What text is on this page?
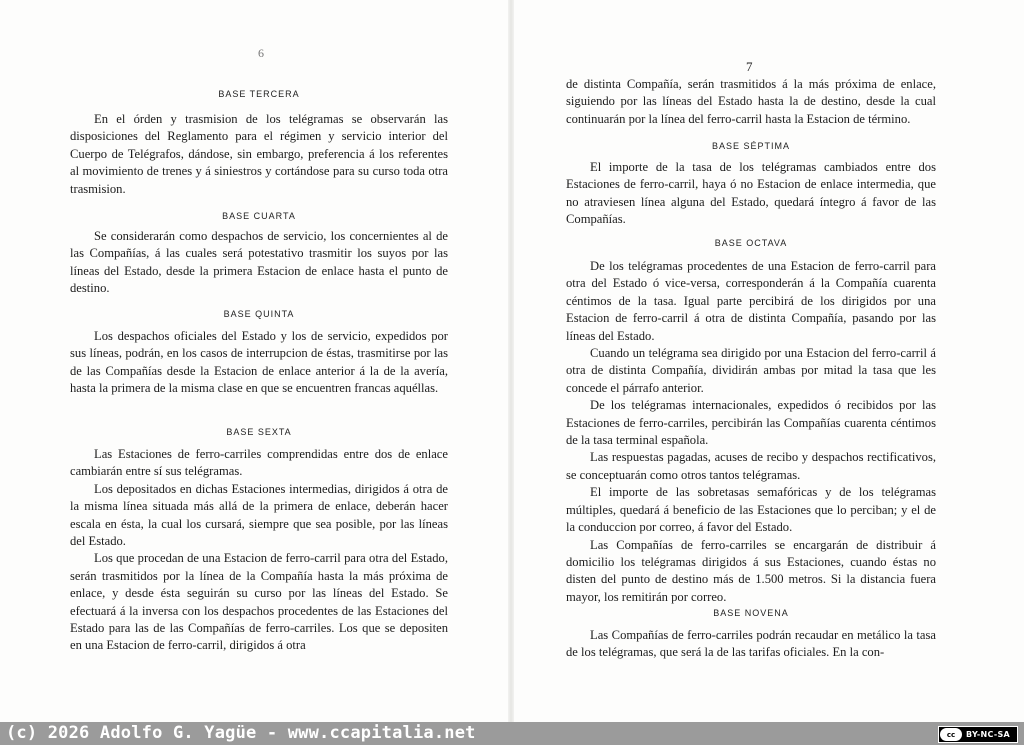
6

BASE TERCERA

En el órden y trasmision de los telégramas se observarán las disposiciones del Reglamento para el régimen y servicio interior del Cuerpo de Telégrafos, dándose, sin embargo, preferencia á los referentes al movimiento de trenes y á siniestros y cortándose para su curso toda otra trasmision.

BASE CUARTA

Se considerarán como despachos de servicio, los concernientes al de las Compañías, á las cuales será potestativo trasmitir los suyos por las líneas del Estado, desde la primera Estacion de enlace hasta el punto de destino.

BASE QUINTA

Los despachos oficiales del Estado y los de servicio, expedidos por sus líneas, podrán, en los casos de interrupcion de éstas, trasmitirse por las de las Compañías desde la Estacion de enlace anterior á la de la avería, hasta la primera de la misma clase en que se encuentren francas aquéllas.

BASE SEXTA

Las Estaciones de ferro-carriles comprendidas entre dos de enlace cambiarán entre sí sus telégramas.

Los depositados en dichas Estaciones intermedias, dirigidos á otra de la misma línea situada más allá de la primera de enlace, deberán hacer escala en ésta, la cual los cursará, siempre que sea posible, por las líneas del Estado.

Los que procedan de una Estacion de ferro-carril para otra del Estado, serán trasmitidos por la línea de la Compañía hasta la más próxima de enlace, y desde ésta seguirán su curso por las líneas del Estado. Se efectuará á la inversa con los despachos procedentes de las Estaciones del Estado para las de las Compañías de ferro-carriles. Los que se depositen en una Estacion de ferro-carril, dirigidos á otra

7

de distinta Compañía, serán trasmitidos á la más próxima de enlace, siguiendo por las líneas del Estado hasta la de destino, desde la cual continuarán por la línea del ferro-carril hasta la Estacion de término.

BASE SÉPTIMA

El importe de la tasa de los telégramas cambiados entre dos Estaciones de ferro-carril, haya ó no Estacion de enlace intermedia, que no atraviesen línea alguna del Estado, quedará íntegro á favor de las Compañías.

BASE OCTAVA

De los telégramas procedentes de una Estacion de ferro-carril para otra del Estado ó vice-versa, corresponderán á la Compañía cuarenta céntimos de la tasa. Igual parte percibirá de los dirigidos por una Estacion de ferro-carril á otra de distinta Compañía, pasando por las líneas del Estado.

Cuando un telégrama sea dirigido por una Estacion del ferro-carril á otra de distinta Compañía, dividirán ambas por mitad la tasa que les concede el párrafo anterior.

De los telégramas internacionales, expedidos ó recibidos por las Estaciones de ferro-carriles, percibirán las Compañías cuarenta céntimos de la tasa terminal española.

Las respuestas pagadas, acuses de recibo y despachos rectificativos, se conceptuarán como otros tantos telégramas.

El importe de las sobretasas semafóricas y de los telégramas múltiples, quedará á beneficio de las Estaciones que lo perciban; y el de la conduccion por correo, á favor del Estado.

Las Compañías de ferro-carriles se encargarán de distribuir á domicilio los telégramas dirigidos á sus Estaciones, cuando éstas no disten del punto de destino más de 1.500 metros. Si la distancia fuera mayor, los remitirán por correo.

BASE NOVENA

Las Compañías de ferro-carriles podrán recaudar en metálico la tasa de los telégramas, que será la de las tarifas oficiales. En la con-

(c) 2026 Adolfo G. Yagüe - www.ccapitalia.net	cc	BY-NC-SA
